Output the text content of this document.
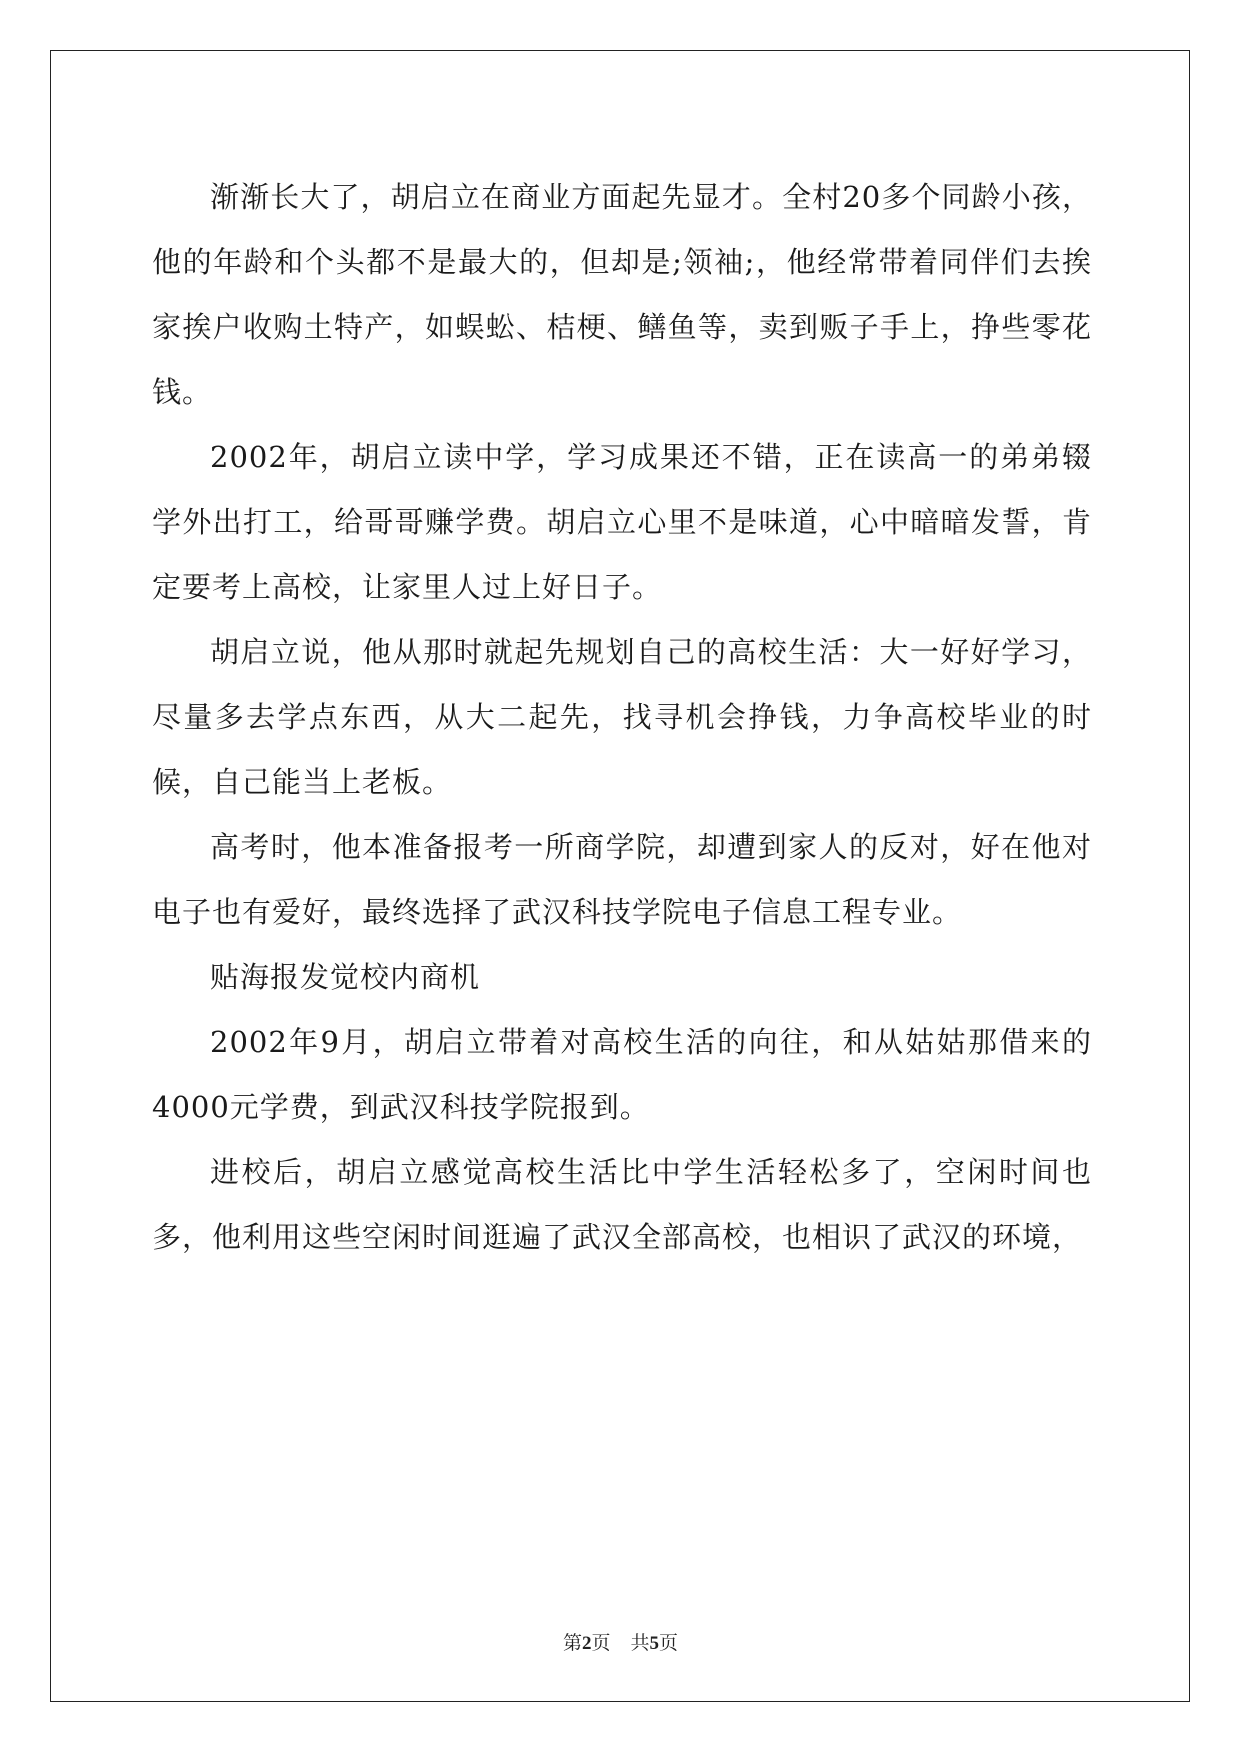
渐渐长大了，胡启立在商业方面起先显才。全村20多个同龄小孩，他的年龄和个头都不是最大的，但却是;领袖;，他经常带着同伴们去挨家挨户收购土特产，如蜈蚣、桔梗、鳝鱼等，卖到贩子手上，挣些零花钱。

2002年，胡启立读中学，学习成果还不错，正在读高一的弟弟辍学外出打工，给哥哥赚学费。胡启立心里不是味道，心中暗暗发誓，肯定要考上高校，让家里人过上好日子。

胡启立说，他从那时就起先规划自己的高校生活：大一好好学习，尽量多去学点东西，从大二起先，找寻机会挣钱，力争高校毕业的时候，自己能当上老板。

高考时，他本准备报考一所商学院，却遭到家人的反对，好在他对电子也有爱好，最终选择了武汉科技学院电子信息工程专业。

贴海报发觉校内商机

2002年9月，胡启立带着对高校生活的向往，和从姑姑那借来的4000元学费，到武汉科技学院报到。

进校后，胡启立感觉高校生活比中学生活轻松多了，空闲时间也多，他利用这些空闲时间逛遍了武汉全部高校，也相识了武汉的环境，

第2页 共5页
